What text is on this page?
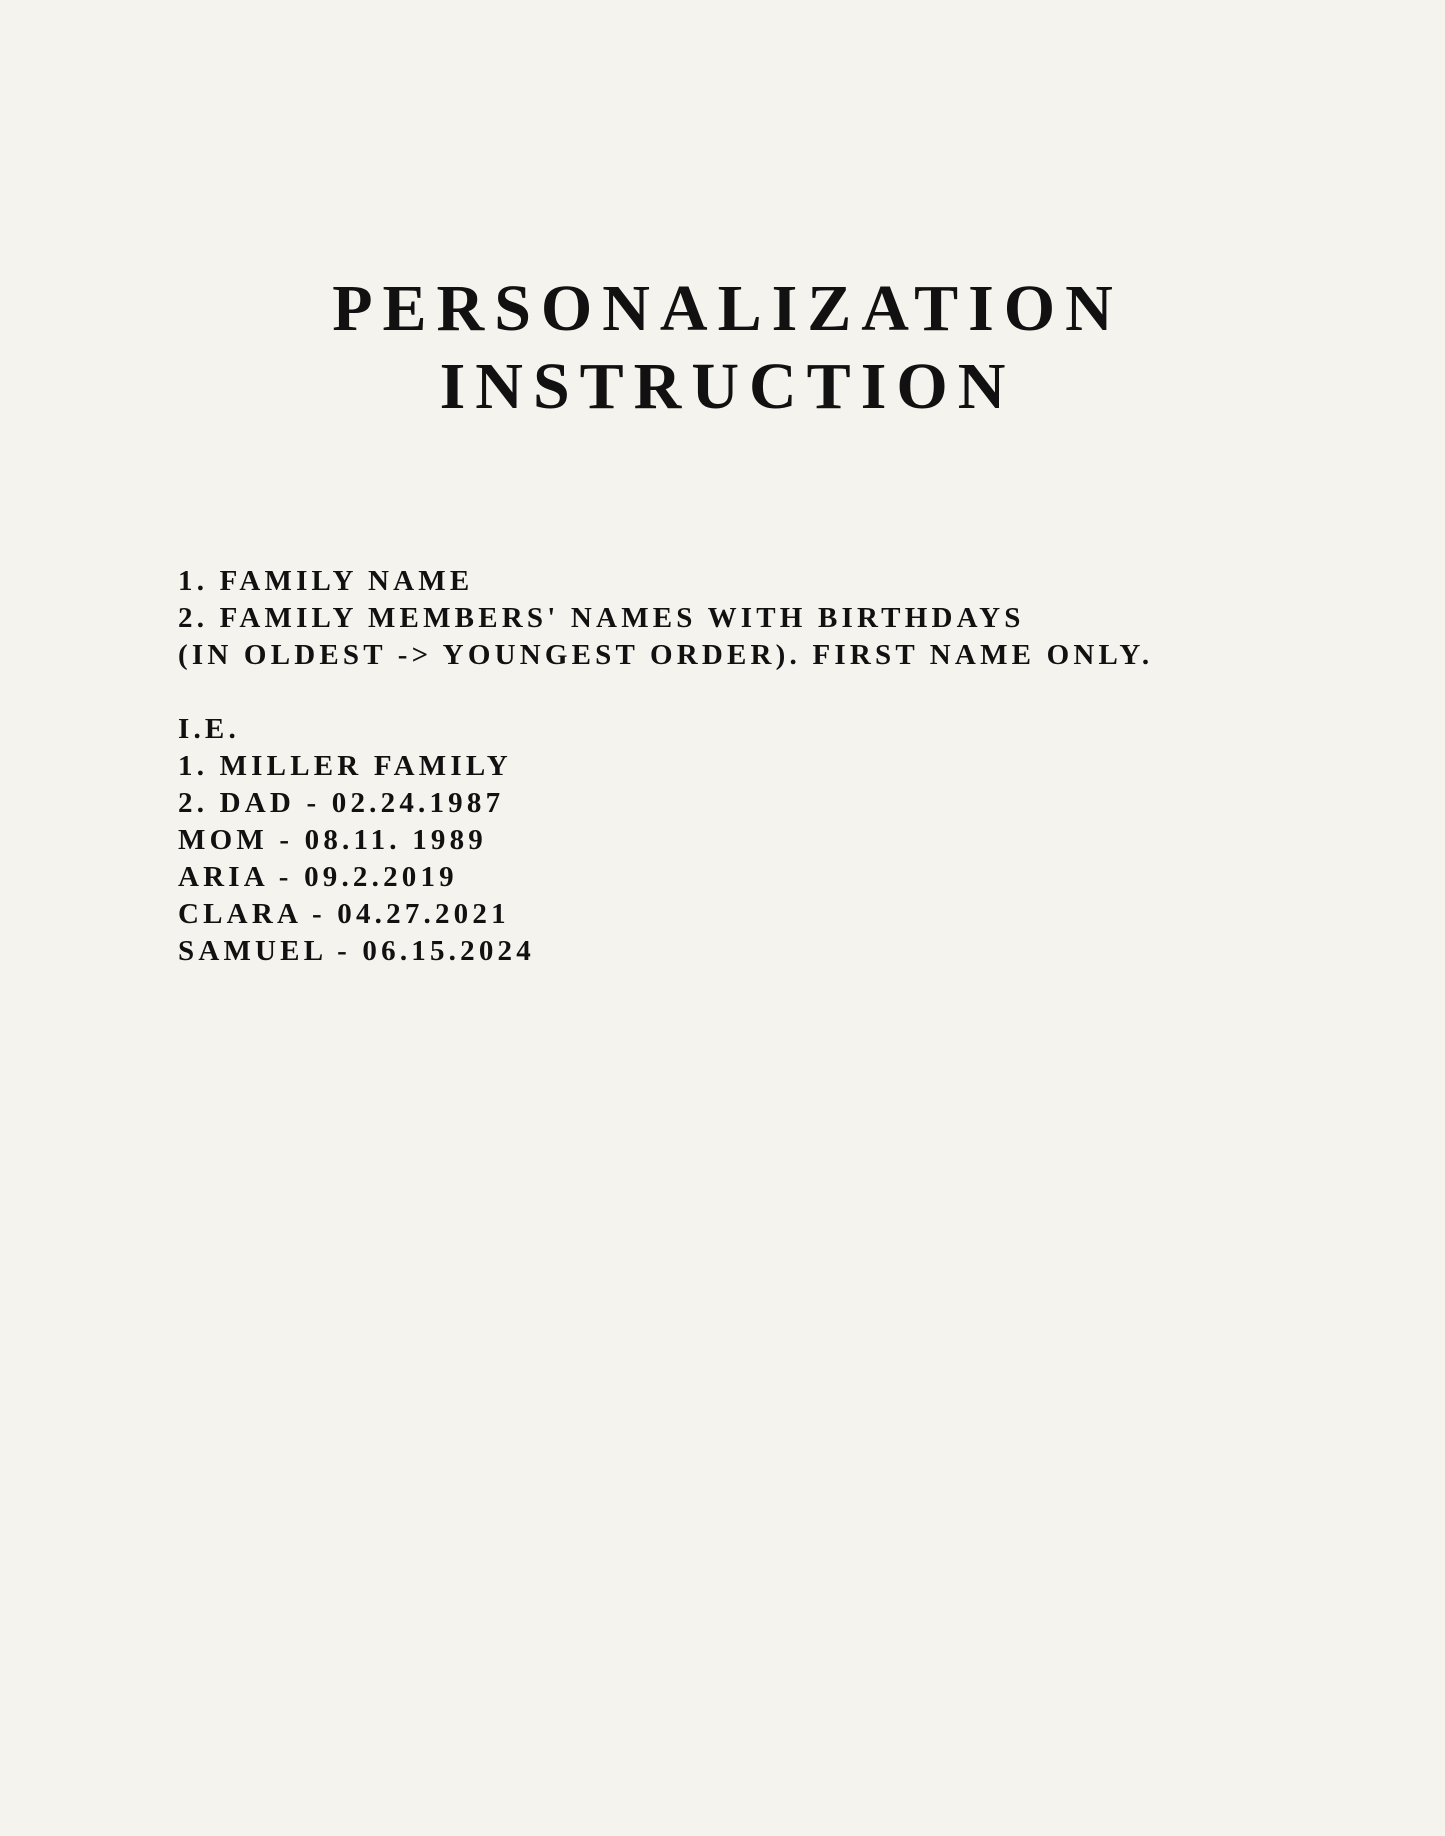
PERSONALIZATION
INSTRUCTION
1. FAMILY NAME
2. FAMILY MEMBERS' NAMES WITH BIRTHDAYS
(IN OLDEST -> YOUNGEST ORDER). FIRST NAME ONLY.
I.E.
1. MILLER FAMILY
2. DAD - 02.24.1987
MOM - 08.11. 1989
ARIA - 09.2.2019
CLARA - 04.27.2021
SAMUEL - 06.15.2024
